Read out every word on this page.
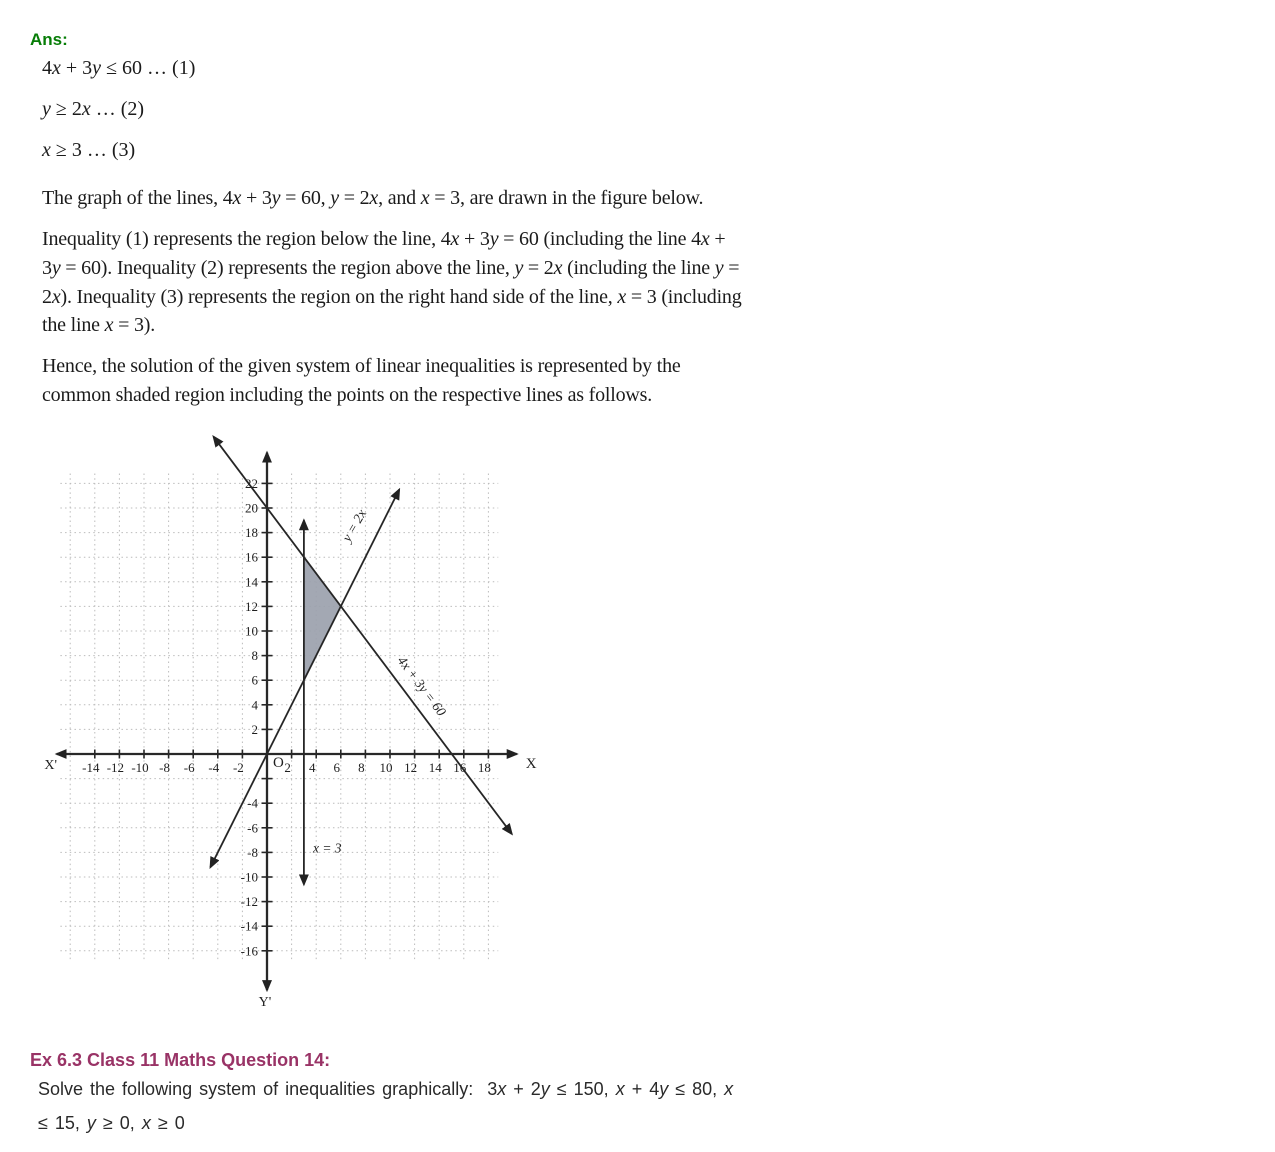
Ans:
4x + 3y ≤ 60 … (1)
y ≥ 2x … (2)
x ≥ 3 … (3)
The graph of the lines, 4x + 3y = 60, y = 2x, and x = 3, are drawn in the figure below.
Inequality (1) represents the region below the line, 4x + 3y = 60 (including the line 4x +
3y = 60). Inequality (2) represents the region above the line, y = 2x (including the line y =
2x). Inequality (3) represents the region on the right hand side of the line, x = 3 (including
the line x = 3).
Hence, the solution of the given system of linear inequalities is represented by the
common shaded region including the points on the respective lines as follows.
y = 2x
4x + 3y = 60
x = 3
-14 -12 -10 -8 -6 -4 -2	2 4 6 8 10 12 14 16 18
22
20
18
16
14
12
10
8
6
4
2
-4
-6
-8
-10
-12
-14
-16
O	X
X'
Y'
Ex 6.3 Class 11 Maths Question 14:
Solve the following system of inequalities graphically:  3x + 2y ≤ 150, x + 4y ≤ 80, x
≤ 15, y ≥ 0, x ≥ 0
